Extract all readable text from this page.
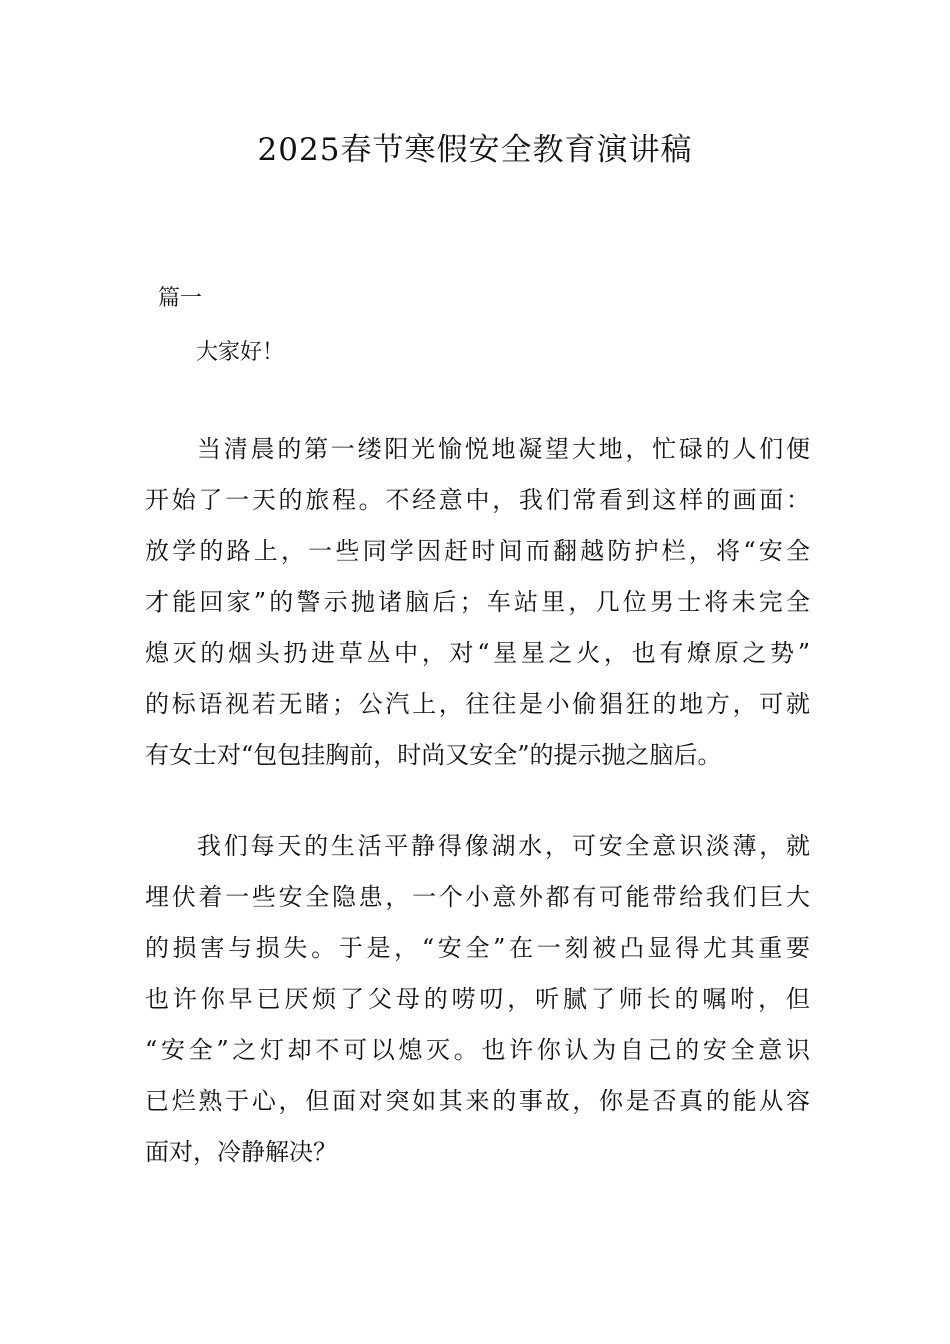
2025春节寒假安全教育演讲稿
篇一
大家好！
当清晨的第一缕阳光愉悦地凝望大地，忙碌的人们便
开始了一天的旅程。不经意中，我们常看到这样的画面：
放学的路上，一些同学因赶时间而翻越防护栏，将“安全
才能回家”的警示抛诸脑后；车站里，几位男士将未完全
熄灭的烟头扔进草丛中，对“星星之火，也有燎原之势”
的标语视若无睹；公汽上，往往是小偷猖狂的地方，可就
有女士对“包包挂胸前，时尚又安全”的提示抛之脑后。
我们每天的生活平静得像湖水，可安全意识淡薄，就
埋伏着一些安全隐患，一个小意外都有可能带给我们巨大
的损害与损失。于是，“安全”在一刻被凸显得尤其重要
也许你早已厌烦了父母的唠叨，听腻了师长的嘱咐，但
“安全”之灯却不可以熄灭。也许你认为自己的安全意识
已烂熟于心，但面对突如其来的事故，你是否真的能从容
面对，冷静解决？
